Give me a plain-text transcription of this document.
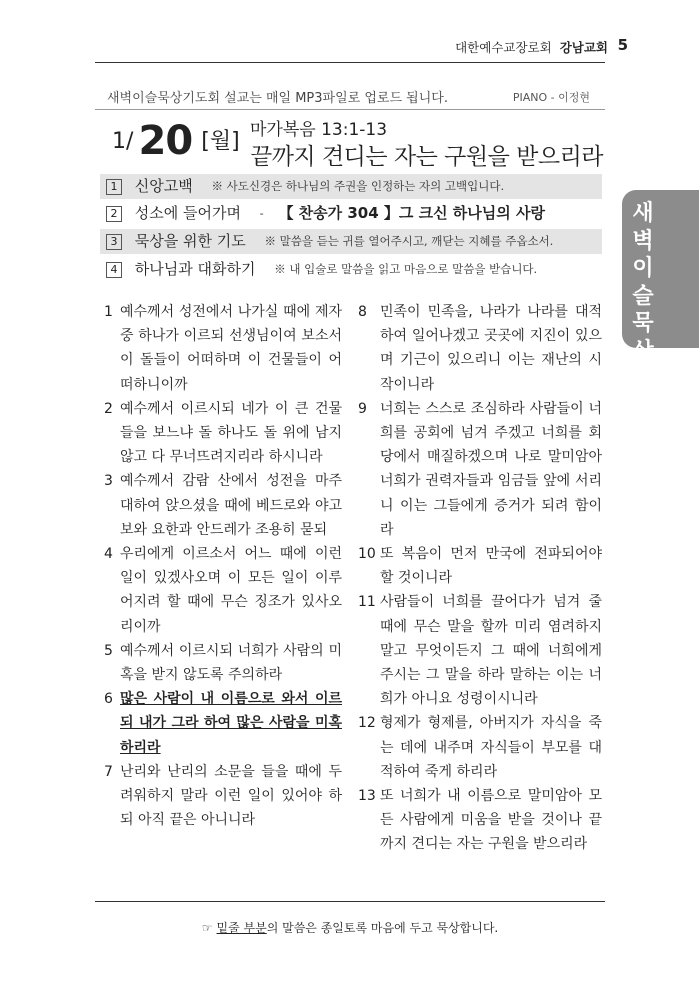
대한예수교장로회 강남교회 5
새벽이슬묵상기도회 설교는 매일 MP3파일로 업로드 됩니다.	PIANO - 이정현
1/ 20 [월] 마가복음 13:1-13
끝까지 견디는 자는 구원을 받으리라
1 신앙고백 ※ 사도신경은 하나님의 주권을 인정하는 자의 고백입니다.
2 성소에 들어가며 - 【 찬송가 304 】그 크신 하나님의 사랑
3 묵상을 위한 기도 ※ 말씀을 듣는 귀를 열어주시고, 깨닫는 지혜를 주옵소서.
4 하나님과 대화하기 ※ 내 입술로 말씀을 읽고 마음으로 말씀을 받습니다.
새벽이슬묵상
1 예수께서 성전에서 나가실 때에 제자 중 하나가 이르되 선생님이여 보소서 이 돌들이 어떠하며 이 건물들이 어떠하니이까
2 예수께서 이르시되 네가 이 큰 건물들을 보느냐 돌 하나도 돌 위에 남지 않고 다 무너뜨려지리라 하시니라
3 예수께서 감람 산에서 성전을 마주 대하여 앉으셨을 때에 베드로와 야고보와 요한과 안드레가 조용히 묻되
4 우리에게 이르소서 어느 때에 이런 일이 있겠사오며 이 모든 일이 이루어지려 할 때에 무슨 징조가 있사오리이까
5 예수께서 이르시되 너희가 사람의 미혹을 받지 않도록 주의하라
6 많은 사람이 내 이름으로 와서 이르되 내가 그라 하여 많은 사람을 미혹하리라
7 난리와 난리의 소문을 들을 때에 두려워하지 말라 이런 일이 있어야 하되 아직 끝은 아니니라
8 민족이 민족을, 나라가 나라를 대적하여 일어나겠고 곳곳에 지진이 있으며 기근이 있으리니 이는 재난의 시작이니라
9 너희는 스스로 조심하라 사람들이 너희를 공회에 넘겨 주겠고 너희를 회당에서 매질하겠으며 나로 말미암아 너희가 권력자들과 임금들 앞에 서리니 이는 그들에게 증거가 되려 함이라
10 또 복음이 먼저 만국에 전파되어야 할 것이니라
11 사람들이 너희를 끌어다가 넘겨 줄 때에 무슨 말을 할까 미리 염려하지 말고 무엇이든지 그 때에 너희에게 주시는 그 말을 하라 말하는 이는 너희가 아니요 성령이시니라
12 형제가 형제를, 아버지가 자식을 죽는 데에 내주며 자식들이 부모를 대적하여 죽게 하리라
13 또 너희가 내 이름으로 말미암아 모든 사람에게 미움을 받을 것이나 끝까지 견디는 자는 구원을 받으리라
☞ 밑줄 부분의 말씀은 종일토록 마음에 두고 묵상합니다.
